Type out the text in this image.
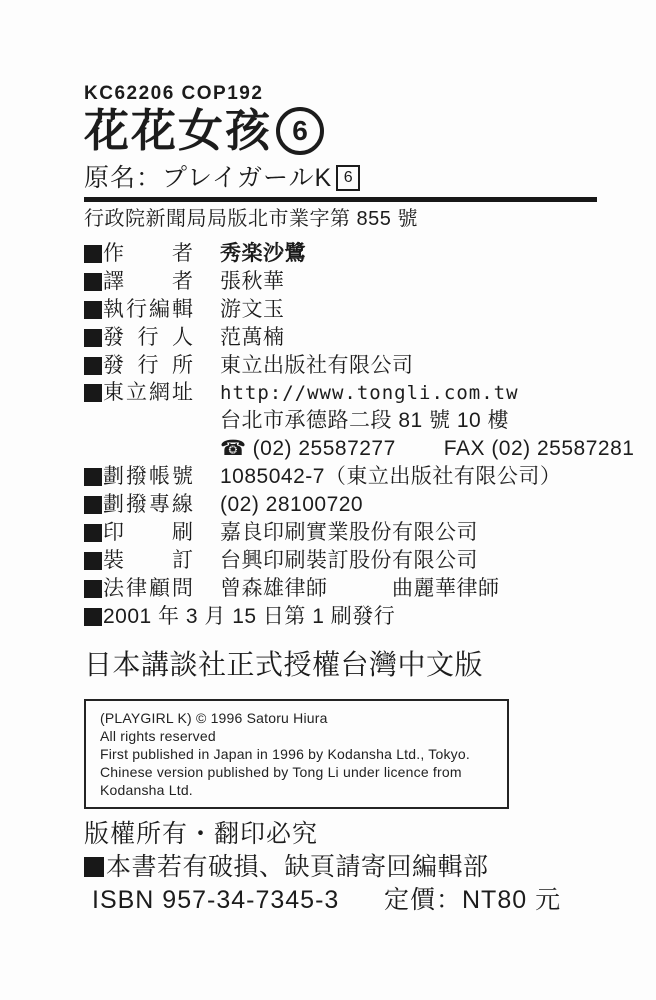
KC62206 COP192
花花女孩 6
原名：プレイガールK 6
行政院新聞局局版北市業字第 855 號
作 者 秀楽沙鷺
譯 者 張秋華
執 行 編 輯 游文玉
發 行 人 范萬楠
發 行 所 東立出版社有限公司
東 立 網 址 http://www.tongli.com.tw
台北市承德路二段 81 號 10 樓
☎ (02) 25587277 FAX (02) 25587281
劃 撥 帳 號 1085042-7（東立出版社有限公司）
劃 撥 專 線 (02) 28100720
印 刷 嘉良印刷實業股份有限公司
裝 訂 台興印刷裝訂股份有限公司
法 律 顧 問 曾森雄律師　　　曲麗華律師
2001 年 3 月 15 日第 1 刷發行
日本講談社正式授權台灣中文版
(PLAYGIRL K) © 1996 Satoru Hiura
All rights reserved
First published in Japan in 1996 by Kodansha Ltd., Tokyo.
Chinese version published by Tong Li under licence from Kodansha Ltd.
版權所有・翻印必究
本書若有破損、缺頁請寄回編輯部
ISBN 957-34-7345-3	定價：NT80 元
